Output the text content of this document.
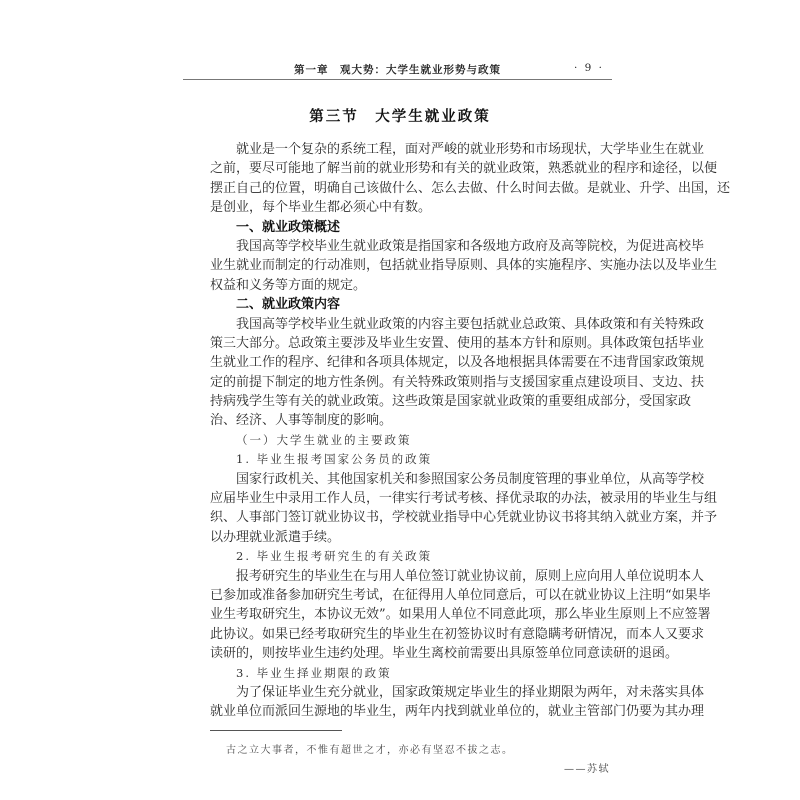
第一章　观大势：大学生就业形势与政策	· 9 ·
第三节　大学生就业政策
就业是一个复杂的系统工程，面对严峻的就业形势和市场现状，大学毕业生在就业
之前，要尽可能地了解当前的就业形势和有关的就业政策，熟悉就业的程序和途径，以便
摆正自己的位置，明确自己该做什么、怎么去做、什么时间去做。是就业、升学、出国，还
是创业，每个毕业生都必须心中有数。
一、就业政策概述
我国高等学校毕业生就业政策是指国家和各级地方政府及高等院校，为促进高校毕
业生就业而制定的行动准则，包括就业指导原则、具体的实施程序、实施办法以及毕业生
权益和义务等方面的规定。
二、就业政策内容
我国高等学校毕业生就业政策的内容主要包括就业总政策、具体政策和有关特殊政
策三大部分。总政策主要涉及毕业生安置、使用的基本方针和原则。具体政策包括毕业
生就业工作的程序、纪律和各项具体规定，以及各地根据具体需要在不违背国家政策规
定的前提下制定的地方性条例。有关特殊政策则指与支援国家重点建设项目、支边、扶
持病残学生等有关的就业政策。这些政策是国家就业政策的重要组成部分，受国家政
治、经济、人事等制度的影响。
（一）大学生就业的主要政策
1. 毕业生报考国家公务员的政策
国家行政机关、其他国家机关和参照国家公务员制度管理的事业单位，从高等学校
应届毕业生中录用工作人员，一律实行考试考核、择优录取的办法，被录用的毕业生与组
织、人事部门签订就业协议书，学校就业指导中心凭就业协议书将其纳入就业方案，并予
以办理就业派遣手续。
2. 毕业生报考研究生的有关政策
报考研究生的毕业生在与用人单位签订就业协议前，原则上应向用人单位说明本人
已参加或准备参加研究生考试，在征得用人单位同意后，可以在就业协议上注明“如果毕
业生考取研究生，本协议无效”。如果用人单位不同意此项，那么毕业生原则上不应签署
此协议。如果已经考取研究生的毕业生在初签协议时有意隐瞒考研情况，而本人又要求
读研的，则按毕业生违约处理。毕业生离校前需要出具原签单位同意读研的退函。
3. 毕业生择业期限的政策
为了保证毕业生充分就业，国家政策规定毕业生的择业期限为两年，对未落实具体
就业单位而派回生源地的毕业生，两年内找到就业单位的，就业主管部门仍要为其办理
古之立大事者，不惟有超世之才，亦必有坚忍不拔之志。
——苏轼
